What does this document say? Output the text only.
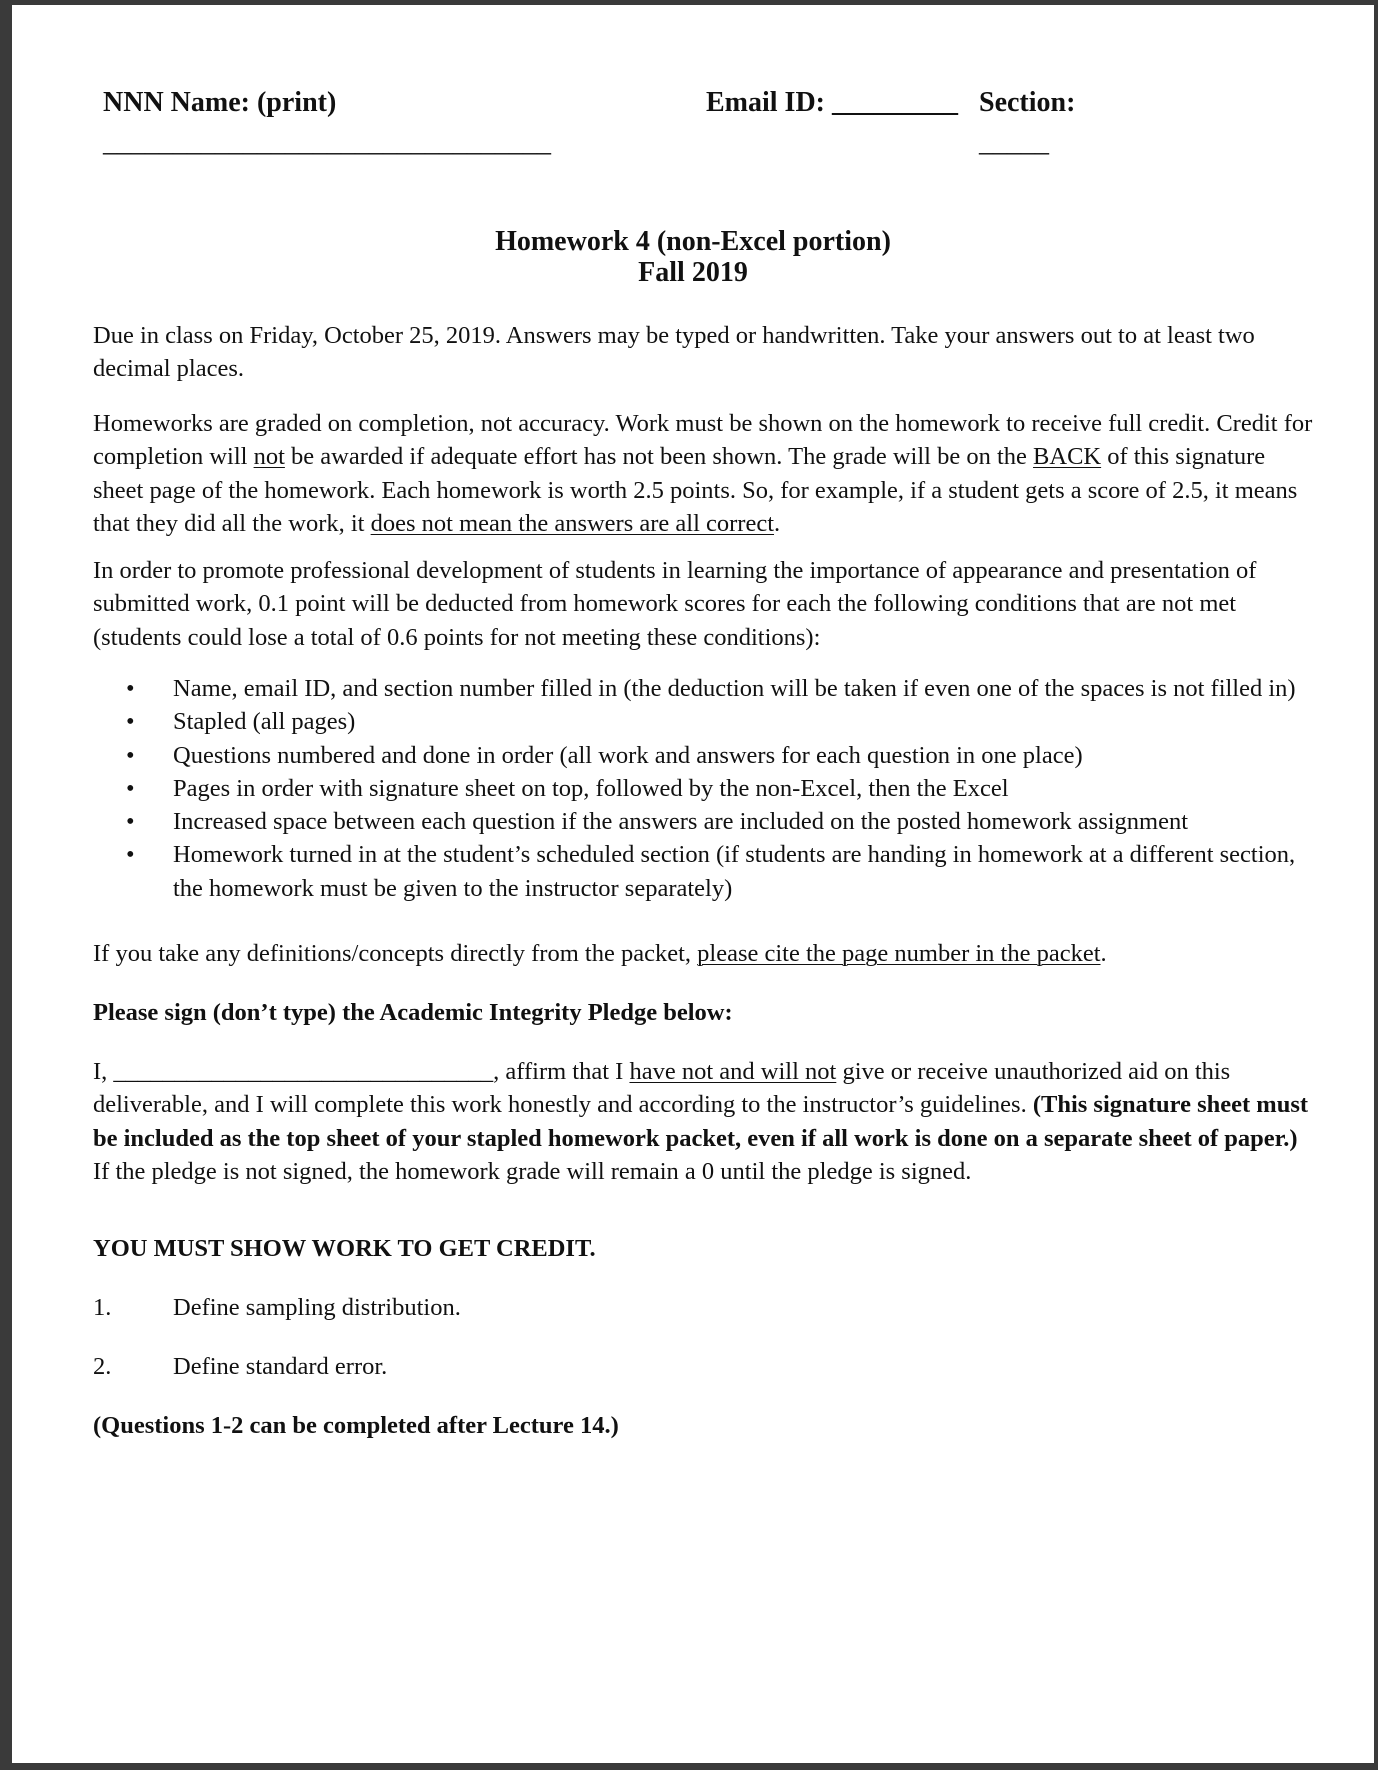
NNN Name: (print)
________________________________
Email ID: _________ Section:
_____
Homework 4 (non-Excel portion)
Fall 2019

Due in class on Friday, October 25, 2019. Answers may be typed or handwritten. Take your answers out to at least two decimal places.

Homeworks are graded on completion, not accuracy. Work must be shown on the homework to receive full credit. Credit for completion will not be awarded if adequate effort has not been shown. The grade will be on the BACK of this signature sheet page of the homework. Each homework is worth 2.5 points. So, for example, if a student gets a score of 2.5, it means that they did all the work, it does not mean the answers are all correct.

In order to promote professional development of students in learning the importance of appearance and presentation of submitted work, 0.1 point will be deducted from homework scores for each the following conditions that are not met (students could lose a total of 0.6 points for not meeting these conditions):

• Name, email ID, and section number filled in (the deduction will be taken if even one of the spaces is not filled in)
• Stapled (all pages)
• Questions numbered and done in order (all work and answers for each question in one place)
• Pages in order with signature sheet on top, followed by the non-Excel, then the Excel
• Increased space between each question if the answers are included on the posted homework assignment
• Homework turned in at the student’s scheduled section (if students are handing in homework at a different section, the homework must be given to the instructor separately)

If you take any definitions/concepts directly from the packet, please cite the page number in the packet.

Please sign (don’t type) the Academic Integrity Pledge below:

I, _______________________________, affirm that I have not and will not give or receive unauthorized aid on this deliverable, and I will complete this work honestly and according to the instructor’s guidelines. (This signature sheet must be included as the top sheet of your stapled homework packet, even if all work is done on a separate sheet of paper.) If the pledge is not signed, the homework grade will remain a 0 until the pledge is signed.

YOU MUST SHOW WORK TO GET CREDIT.
1.	Define sampling distribution.
2.	Define standard error.
(Questions 1-2 can be completed after Lecture 14.)
